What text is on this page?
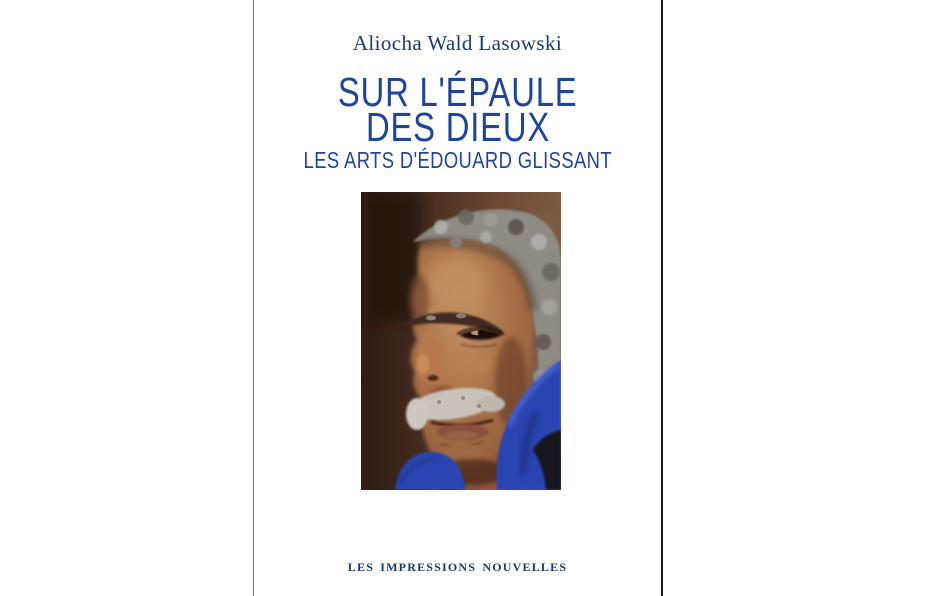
Aliocha Wald Lasowski
SUR L'ÉPAULE
DES DIEUX
LES ARTS D'ÉDOUARD GLISSANT
LES IMPRESSIONS NOUVELLES
